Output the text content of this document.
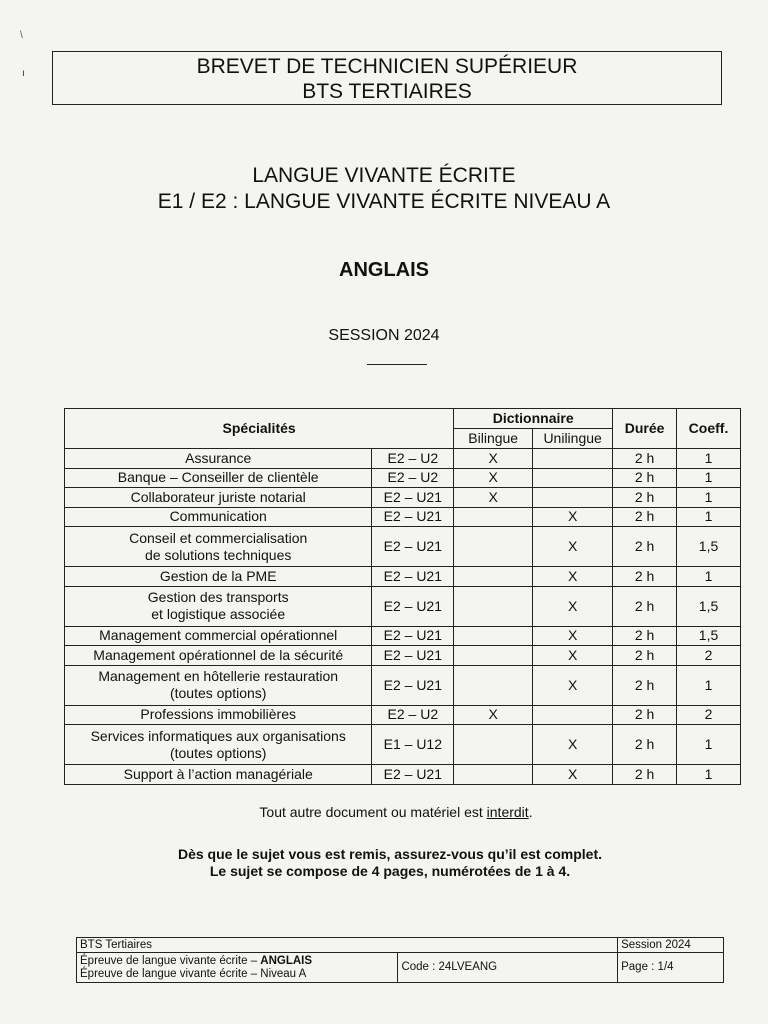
\
ı	BREVET DE TECHNICIEN SUPÉRIEUR
BTS TERTIAIRES
LANGUE VIVANTE ÉCRITE
E1 / E2 : LANGUE VIVANTE ÉCRITE NIVEAU A
ANGLAIS
SESSION 2024
Spécialités		Dictionnaire		Durée	Coeff.
		Bilingue	Unilingue		
Assurance	E2 – U2	X		2 h	1
Banque – Conseiller de clientèle	E2 – U2	X		2 h	1
Collaborateur juriste notarial	E2 – U21	X		2 h	1
Communication	E2 – U21		X	2 h	1
Conseil et commercialisation
de solutions techniques	E2 – U21		X	2 h	1,5
Gestion de la PME	E2 – U21		X	2 h	1
Gestion des transports
et logistique associée	E2 – U21		X	2 h	1,5
Management commercial opérationnel	E2 – U21		X	2 h	1,5
Management opérationnel de la sécurité	E2 – U21		X	2 h	2
Management en hôtellerie restauration
(toutes options)	E2 – U21		X	2 h	1
Professions immobilières	E2 – U2	X		2 h	2
Services informatiques aux organisations
(toutes options)	E1 – U12		X	2 h	1
Support à l’action managériale	E2 – U21		X	2 h	1
Tout autre document ou matériel est interdit.
Dès que le sujet vous est remis, assurez-vous qu’il est complet.
Le sujet se compose de 4 pages, numérotées de 1 à 4.
BTS Tertiaires		Session 2024
Épreuve de langue vivante écrite – ANGLAIS
Épreuve de langue vivante écrite – Niveau A	Code : 24LVEANG	Page : 1/4
